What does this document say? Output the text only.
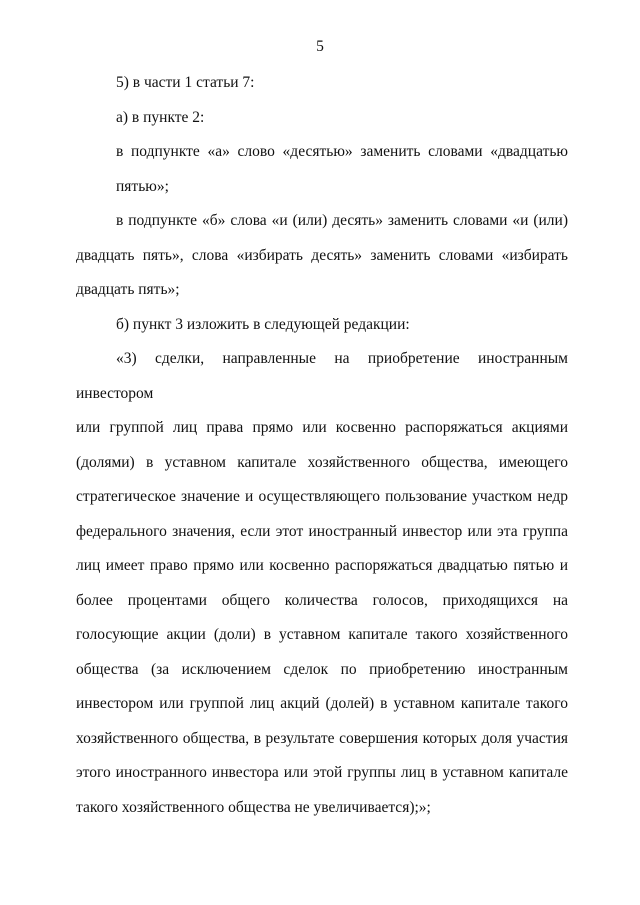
5

5) в части 1 статьи 7:

а) в пункте 2:

в подпункте «а» слово «десятью» заменить словами «двадцатью
пятью»;

в подпункте «б» слова «и (или) десять» заменить словами «и (или)
двадцать пять», слова «избирать десять» заменить словами «избирать
двадцать пять»;

б) пункт 3 изложить в следующей редакции:

«3) сделки, направленные на приобретение иностранным инвестором
или группой лиц права прямо или косвенно распоряжаться акциями
(долями) в уставном капитале хозяйственного общества, имеющего
стратегическое значение и осуществляющего пользование участком недр
федерального значения, если этот иностранный инвестор или эта группа
лиц имеет право прямо или косвенно распоряжаться двадцатью пятью и
более процентами общего количества голосов, приходящихся на
голосующие акции (доли) в уставном капитале такого хозяйственного
общества (за исключением сделок по приобретению иностранным
инвестором или группой лиц акций (долей) в уставном капитале такого
хозяйственного общества, в результате совершения которых доля участия
этого иностранного инвестора или этой группы лиц в уставном капитале
такого хозяйственного общества не увеличивается);»;
